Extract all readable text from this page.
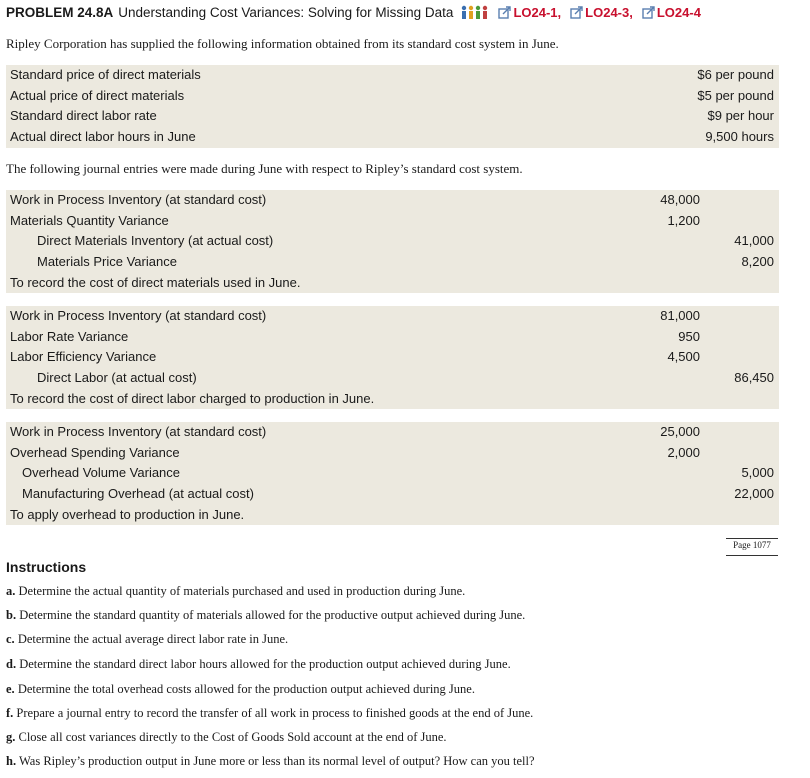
PROBLEM 24.8A Understanding Cost Variances: Solving for Missing Data	LO24-1 , LO24-3 , LO24-4
Ripley Corporation has supplied the following information obtained from its standard cost system in June.
Standard price of direct materials	$6 per pound
Actual price of direct materials	$5 per pound
Standard direct labor rate	$9 per hour
Actual direct labor hours in June	9,500 hours
The following journal entries were made during June with respect to Ripley’s standard cost system.
Work in Process Inventory (at standard cost)	48,000
Materials Quantity Variance	1,200
Direct Materials Inventory (at actual cost)	41,000
Materials Price Variance	8,200
To record the cost of direct materials used in June.
Work in Process Inventory (at standard cost)	81,000
Labor Rate Variance	950
Labor Efficiency Variance	4,500
Direct Labor (at actual cost)	86,450
To record the cost of direct labor charged to production in June.
Work in Process Inventory (at standard cost)	25,000
Overhead Spending Variance	2,000
Overhead Volume Variance	5,000
Manufacturing Overhead (at actual cost)	22,000
To apply overhead to production in June.
Page 1077
Instructions
a. Determine the actual quantity of materials purchased and used in production during June.
b. Determine the standard quantity of materials allowed for the productive output achieved during June.
c. Determine the actual average direct labor rate in June.
d. Determine the standard direct labor hours allowed for the production output achieved during June.
e. Determine the total overhead costs allowed for the production output achieved during June.
f. Prepare a journal entry to record the transfer of all work in process to finished goods at the end of June.
g. Close all cost variances directly to the Cost of Goods Sold account at the end of June.
h. Was Ripley’s production output in June more or less than its normal level of output? How can you tell?
